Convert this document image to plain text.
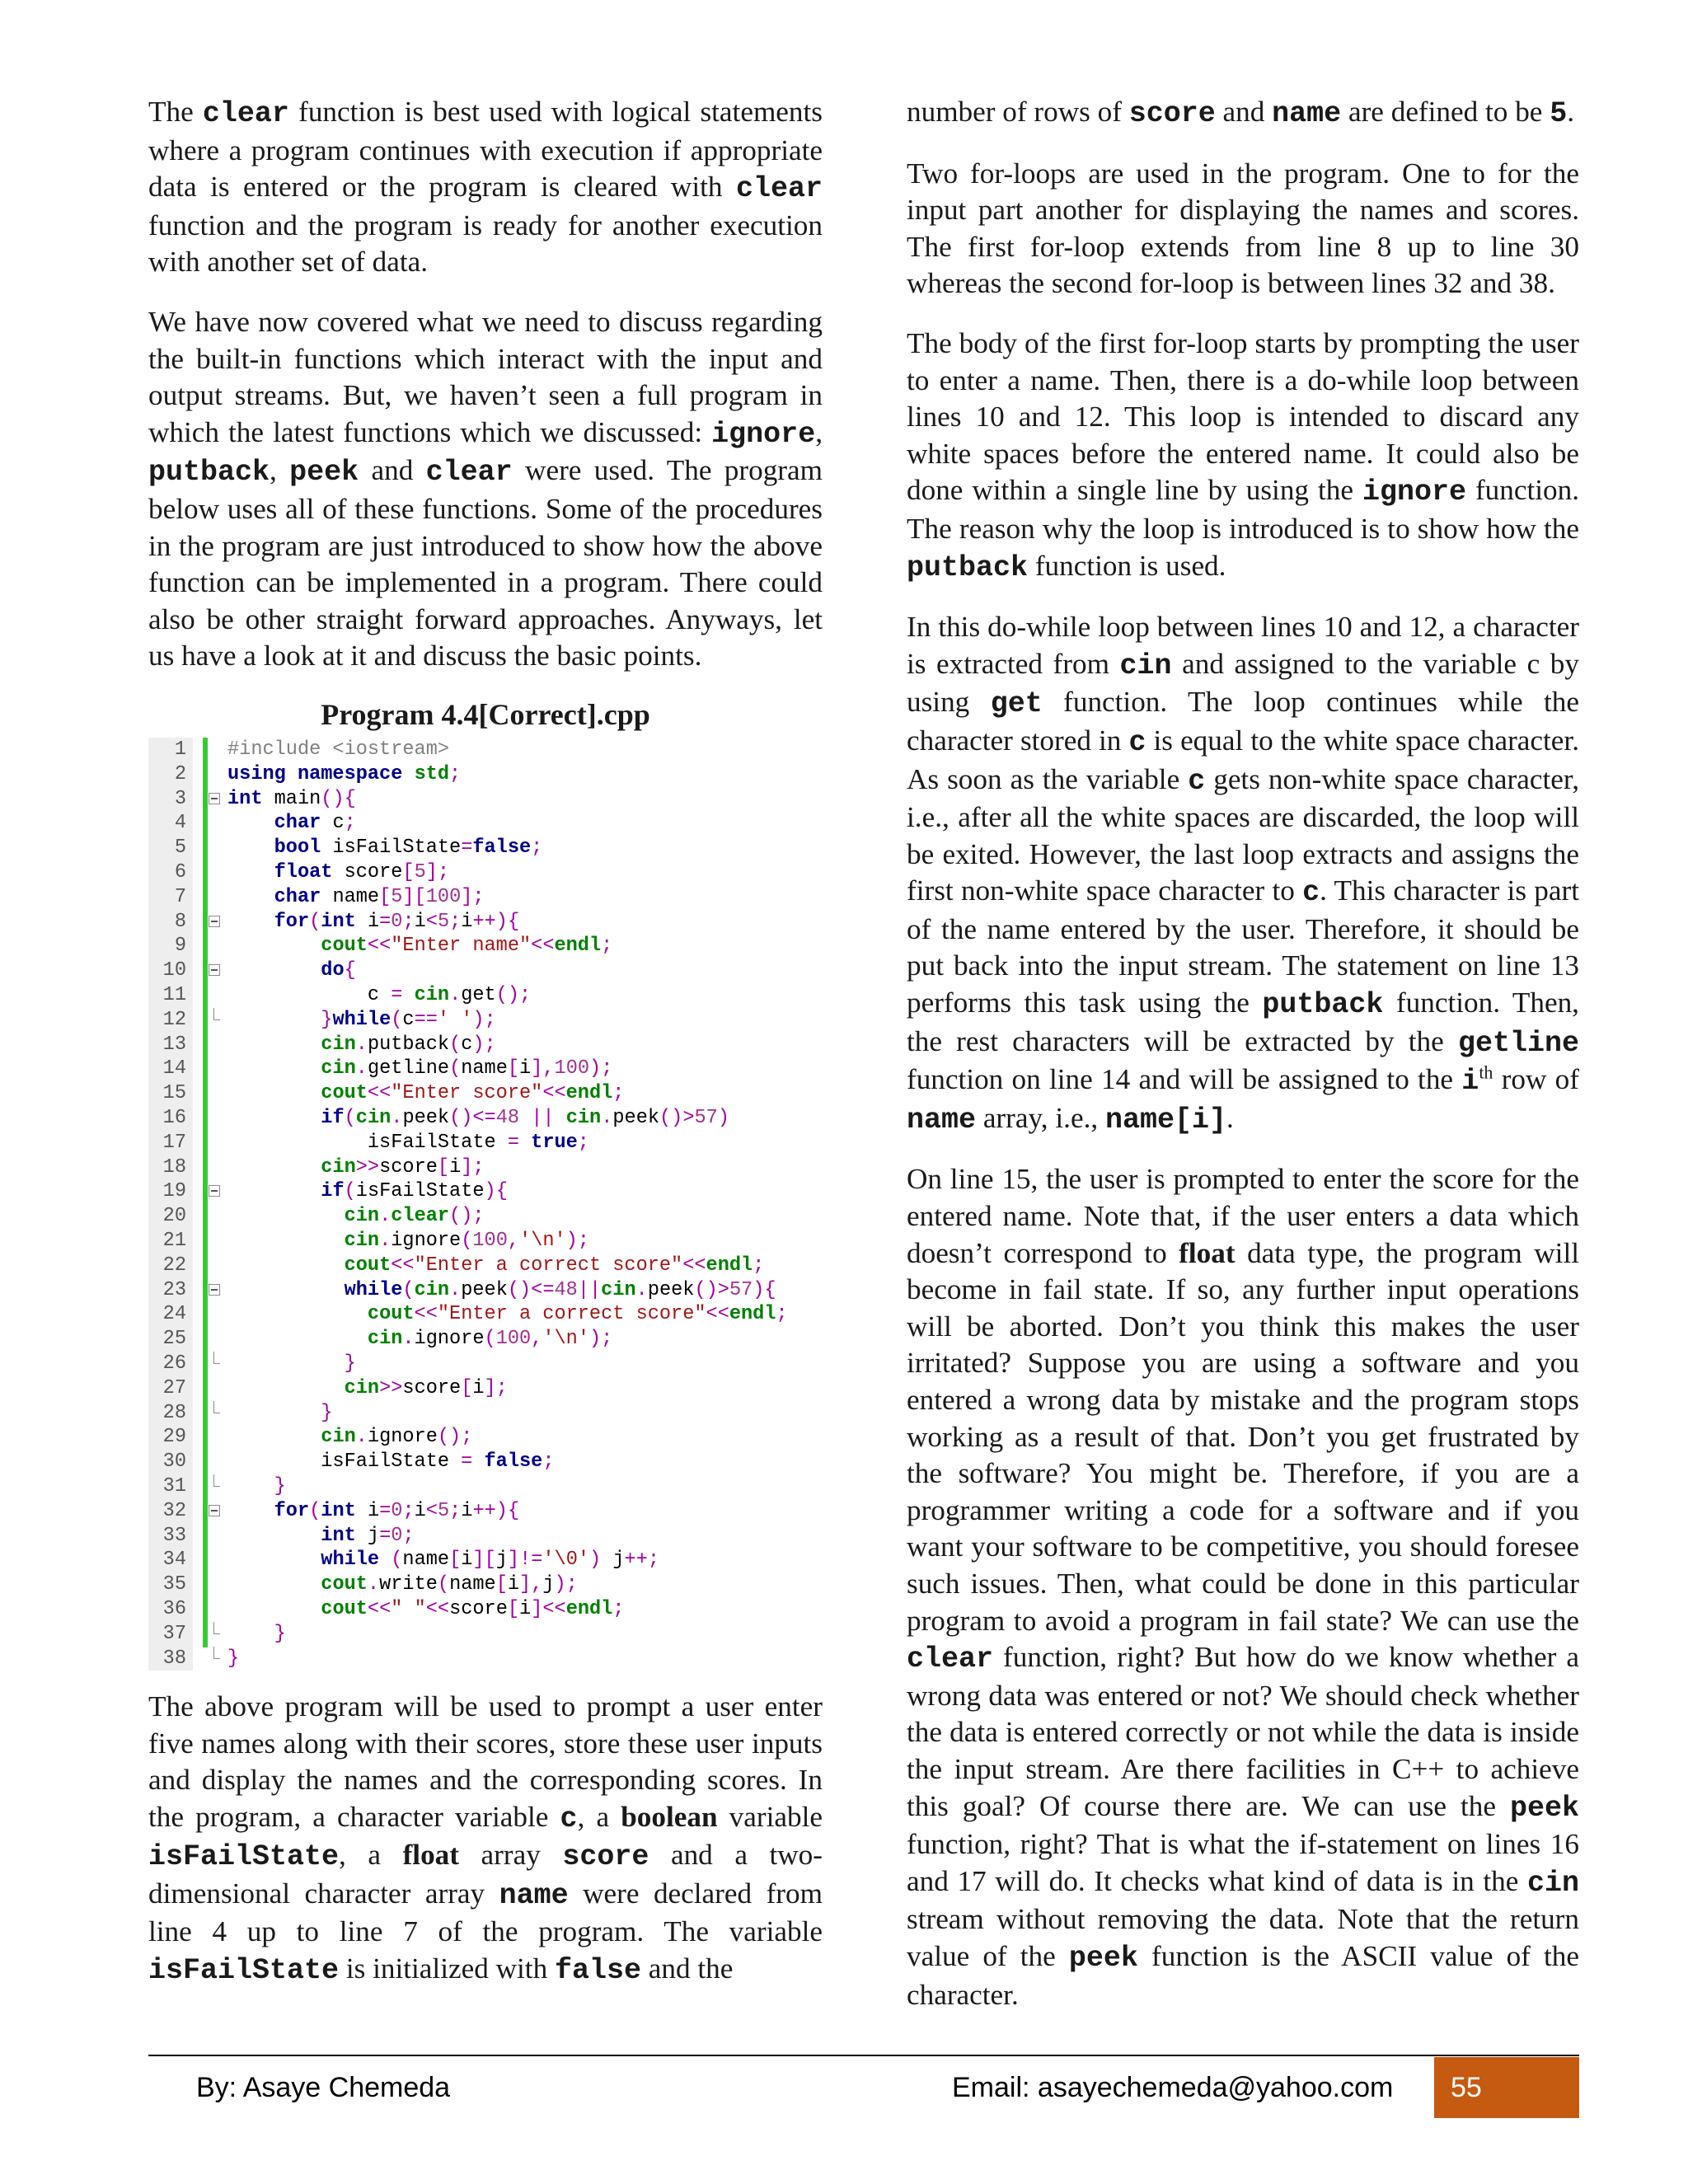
The clear function is best used with logical statements where a program continues with execution if appropriate data is entered or the program is cleared with clear function and the program is ready for another execution with another set of data.

We have now covered what we need to discuss regarding the built-in functions which interact with the input and output streams. But, we haven’t seen a full program in which the latest functions which we discussed: ignore, putback, peek and clear were used. The program below uses all of these functions. Some of the procedures in the program are just introduced to show how the above function can be implemented in a program. There could also be other straight forward approaches. Anyways, let us have a look at it and discuss the basic points.

Program 4.4[Correct].cpp
1 #include <iostream>
2 using namespace std;
3 int main(){
4	char c;
5	bool isFailState=false;
6	float score[5];
7	char name[5][100];
8	for(int i=0;i<5;i++){
9	cout<<"Enter name"<<endl;
10	do{
11 c = cin.get();
12	}while(c==' ');
13	cin.putback(c);
14	cin.getline(name[i],100);
15	cout<<"Enter score"<<endl;
16	if(cin.peek()<=48 || cin.peek()>57)
17 isFailState = true;
18	cin>>score[i];
19	if(isFailState){
20	cin.clear();
21	cin.ignore(100,'\n');
22	cout<<"Enter a correct score"<<endl;
23	while(cin.peek()<=48||cin.peek()>57){
24	cout<<"Enter a correct score"<<endl;
25	cin.ignore(100,'\n');
26	}
27	cin>>score[i];
28	}
29	cin.ignore();
30 isFailState = false;
31	}
32	for(int i=0;i<5;i++){
33	int j=0;
34	while (name[i][j]!='\0') j++;
35	cout.write(name[i],j);
36	cout<<" "<<score[i]<<endl;
37	}
38 }

The above program will be used to prompt a user enter five names along with their scores, store these user inputs and display the names and the corresponding scores. In the program, a character variable c, a boolean variable isFailState, a float array score and a two-dimensional character array name were declared from line 4 up to line 7 of the program. The variable isFailState is initialized with false and the

number of rows of score and name are defined to be 5.

Two for-loops are used in the program. One to for the input part another for displaying the names and scores. The first for-loop extends from line 8 up to line 30 whereas the second for-loop is between lines 32 and 38.

The body of the first for-loop starts by prompting the user to enter a name. Then, there is a do-while loop between lines 10 and 12. This loop is intended to discard any white spaces before the entered name. It could also be done within a single line by using the ignore function. The reason why the loop is introduced is to show how the putback function is used.

In this do-while loop between lines 10 and 12, a character is extracted from cin and assigned to the variable c by using get function. The loop continues while the character stored in c is equal to the white space character. As soon as the variable c gets non-white space character, i.e., after all the white spaces are discarded, the loop will be exited. However, the last loop extracts and assigns the first non-white space character to c. This character is part of the name entered by the user. Therefore, it should be put back into the input stream. The statement on line 13 performs this task using the putback function. Then, the rest characters will be extracted by the getline function on line 14 and will be assigned to the $i^{th}$ row of name array, i.e., name[i].

On line 15, the user is prompted to enter the score for the entered name. Note that, if the user enters a data which doesn’t correspond to float data type, the program will become in fail state. If so, any further input operations will be aborted. Don’t you think this makes the user irritated? Suppose you are using a software and you entered a wrong data by mistake and the program stops working as a result of that. Don’t you get frustrated by the software? You might be. Therefore, if you are a programmer writing a code for a software and if you want your software to be competitive, you should foresee such issues. Then, what could be done in this particular program to avoid a program in fail state? We can use the clear function, right? But how do we know whether a wrong data was entered or not? We should check whether the data is entered correctly or not while the data is inside the input stream. Are there facilities in C++ to achieve this goal? Of course there are. We can use the peek function, right? That is what the if-statement on lines 16 and 17 will do. It checks what kind of data is in the cin stream without removing the data. Note that the return value of the peek function is the ASCII value of the character.

By: Asaye Chemeda	Email: asayechemeda@yahoo.com	55
